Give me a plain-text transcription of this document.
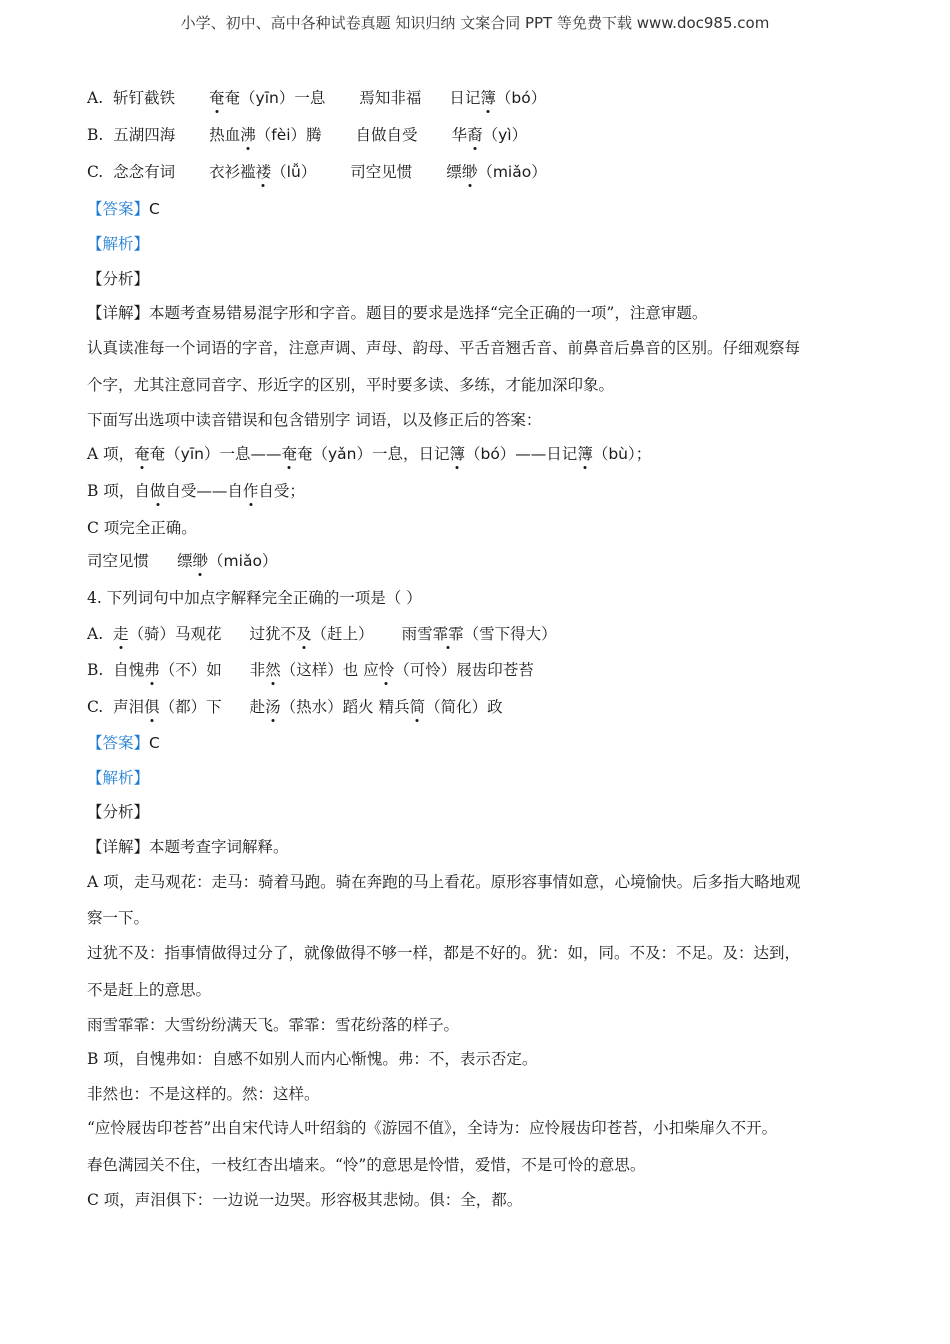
小学、初中、高中各种试卷真题 知识归纳 文案合同 PPT 等免费下载 www.doc985.com
A. 斩钉截铁 奄奄（yīn）一息 焉知非福 日记簿（bó）
B. 五湖四海 热血沸（fèi）腾 自做自受 华裔（yì）
C. 念念有词 衣衫褴褛（lǚ） 司空见惯 缥缈（miǎo）
【答案】C
【解析】
【分析】
【详解】本题考查易错易混字形和字音。题目的要求是选择“完全正确的一项”，注意审题。
认真读准每一个词语的字音，注意声调、声母、韵母、平舌音翘舌音、前鼻音后鼻音的区别。仔细观察每
个字，尤其注意同音字、形近字的区别，平时要多读、多练，才能加深印象。
下面写出选项中读音错误和包含错别字 词语，以及修正后的答案：
A 项，奄奄（yīn）一息——奄奄（yǎn）一息，日记簿（bó）——日记簿（bù）；
B 项，自做自受——自作自受；
C 项完全正确。
司空见惯 缥缈（miǎo）
4. 下列词句中加点字解释完全正确的一项是（ ）
A. 走（骑）马观花 过犹不及（赶上） 雨雪霏霏（雪下得大）
B. 自愧弗（不）如 非然（这样）也 应怜（可怜）屐齿印苍苔
C. 声泪俱（都）下 赴汤（热水）蹈火 精兵简（简化）政
【答案】C
【解析】
【分析】
【详解】本题考查字词解释。
A 项，走马观花：走马：骑着马跑。骑在奔跑的马上看花。原形容事情如意，心境愉快。后多指大略地观
察一下。
过犹不及：指事情做得过分了，就像做得不够一样，都是不好的。犹：如，同。不及：不足。及：达到，
不是赶上的意思。
雨雪霏霏：大雪纷纷满天飞。霏霏：雪花纷落的样子。
B 项，自愧弗如：自感不如别人而内心惭愧。弗：不，表示否定。
非然也：不是这样的。然：这样。
“应怜屐齿印苍苔”出自宋代诗人叶绍翁的《游园不值》，全诗为：应怜屐齿印苍苔，小扣柴扉久不开。
春色满园关不住，一枝红杏出墙来。“怜”的意思是怜惜，爱惜，不是可怜的意思。
C 项，声泪俱下：一边说一边哭。形容极其悲恸。俱：全，都。
